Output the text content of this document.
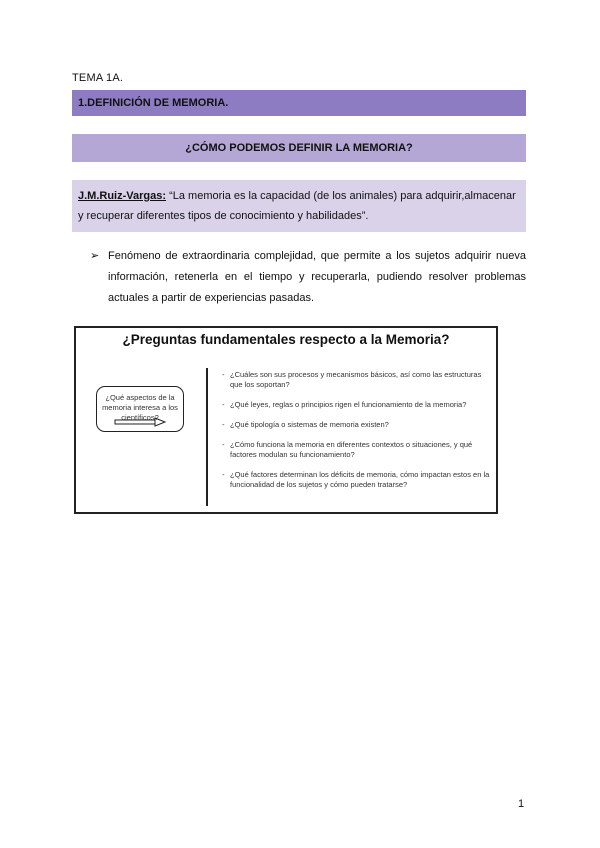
TEMA 1A.
1.DEFINICIÓN DE MEMORIA.
¿CÓMO PODEMOS DEFINIR LA MEMORIA?
J.M.Ruiz-Vargas: “La memoria es la capacidad (de los animales) para adquirir,almacenar y recuperar diferentes tipos de conocimiento y habilidades”.
➢ Fenómeno de extraordinaria complejidad, que permite a los sujetos adquirir nueva información, retenerla en el tiempo y recuperarla, pudiendo resolver problemas actuales a partir de experiencias pasadas.
¿Preguntas fundamentales respecto a la Memoria?
¿Qué aspectos de la memoria interesa a los científicos?
- ¿Cuáles son sus procesos y mecanismos básicos, así como las estructuras que los soportan?
- ¿Qué leyes, reglas o principios rigen el funcionamiento de la memoria?
- ¿Qué tipología o sistemas de memoria existen?
- ¿Cómo funciona la memoria en diferentes contextos o situaciones, y qué factores modulan su funcionamiento?
- ¿Qué factores determinan los déficits de memoria, cómo impactan estos en la funcionalidad de los sujetos y cómo pueden tratarse?
1
